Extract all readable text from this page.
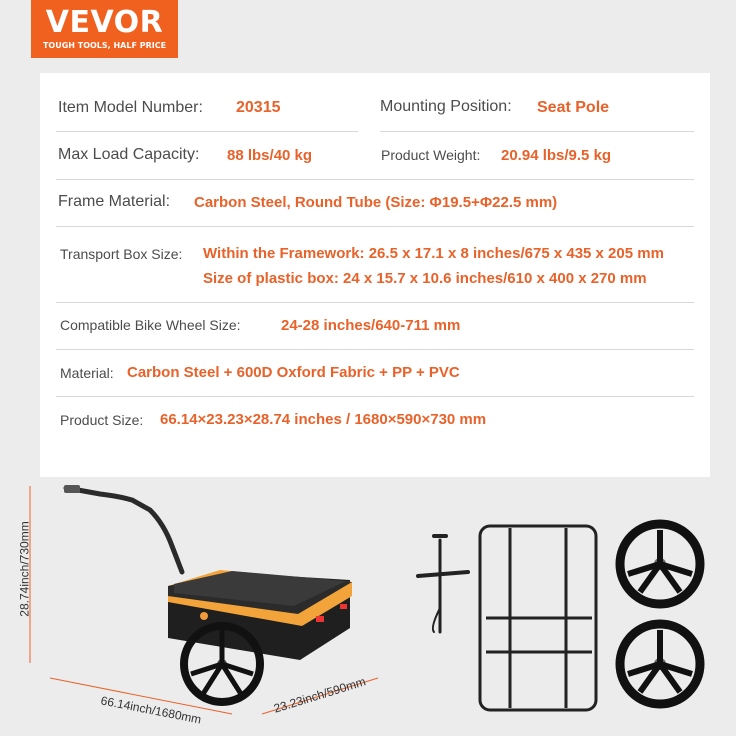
VEVOR
TOUGH TOOLS, HALF PRICE
Item Model Number: 20315	Mounting Position: Seat Pole
Max Load Capacity: 88 lbs/40 kg	Product Weight: 20.94 lbs/9.5 kg
Frame Material: Carbon Steel, Round Tube (Size: Φ19.5+Φ22.5 mm)
Transport Box Size: Within the Framework: 26.5 x 17.1 x 8 inches/675 x 435 x 205 mm
Size of plastic box: 24 x 15.7 x 10.6 inches/610 x 400 x 270 mm
Compatible Bike Wheel Size:	24-28 inches/640-711 mm
Material: Carbon Steel + 600D Oxford Fabric + PP + PVC
Product Size: 66.14×23.23×28.74 inches / 1680×590×730 mm
28.74inch/730mm
66.14inch/1680mm	23.23inch/590mm
